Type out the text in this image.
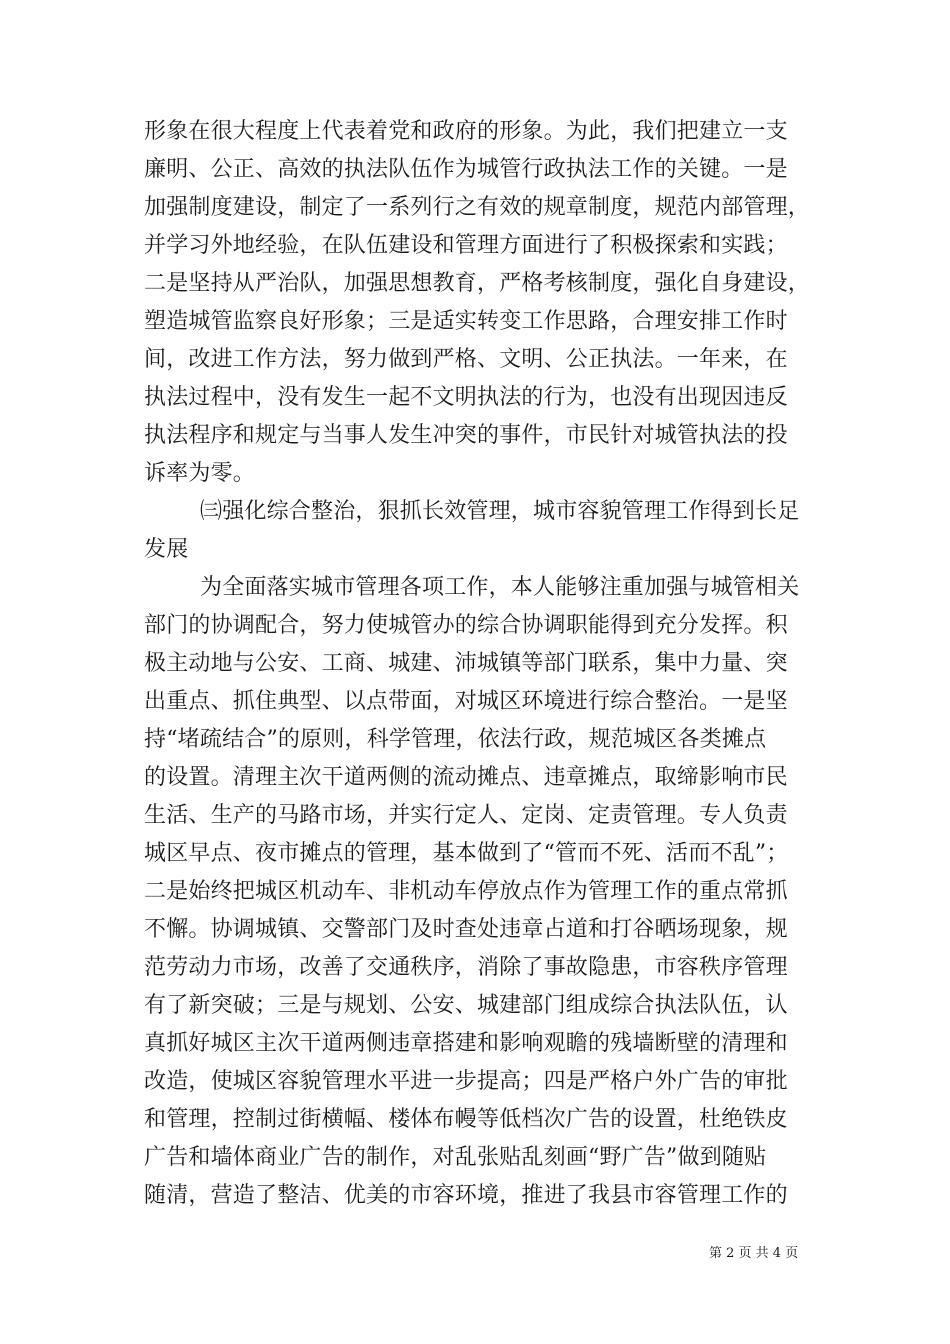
形象在很大程度上代表着党和政府的形象。为此，我们把建立一支
廉明、公正、高效的执法队伍作为城管行政执法工作的关键。一是
加强制度建设，制定了一系列行之有效的规章制度，规范内部管理，
并学习外地经验，在队伍建设和管理方面进行了积极探索和实践；
二是坚持从严治队，加强思想教育，严格考核制度，强化自身建设，
塑造城管监察良好形象；三是适实转变工作思路，合理安排工作时
间，改进工作方法，努力做到严格、文明、公正执法。一年来，在
执法过程中，没有发生一起不文明执法的行为，也没有出现因违反
执法程序和规定与当事人发生冲突的事件，市民针对城管执法的投
诉率为零。
㈢强化综合整治，狠抓长效管理，城市容貌管理工作得到长足
发展
为全面落实城市管理各项工作，本人能够注重加强与城管相关
部门的协调配合，努力使城管办的综合协调职能得到充分发挥。积
极主动地与公安、工商、城建、沛城镇等部门联系，集中力量、突
出重点、抓住典型、以点带面，对城区环境进行综合整治。一是坚
持“堵疏结合”的原则，科学管理，依法行政，规范城区各类摊点
的设置。清理主次干道两侧的流动摊点、违章摊点，取缔影响市民
生活、生产的马路市场，并实行定人、定岗、定责管理。专人负责
城区早点、夜市摊点的管理，基本做到了“管而不死、活而不乱”；
二是始终把城区机动车、非机动车停放点作为管理工作的重点常抓
不懈。协调城镇、交警部门及时查处违章占道和打谷晒场现象，规
范劳动力市场，改善了交通秩序，消除了事故隐患，市容秩序管理
有了新突破；三是与规划、公安、城建部门组成综合执法队伍，认
真抓好城区主次干道两侧违章搭建和影响观瞻的残墙断壁的清理和
改造，使城区容貌管理水平进一步提高；四是严格户外广告的审批
和管理，控制过街横幅、楼体布幔等低档次广告的设置，杜绝铁皮
广告和墙体商业广告的制作，对乱张贴乱刻画“野广告”做到随贴
随清，营造了整洁、优美的市容环境，推进了我县市容管理工作的
第 2 页 共 4 页
